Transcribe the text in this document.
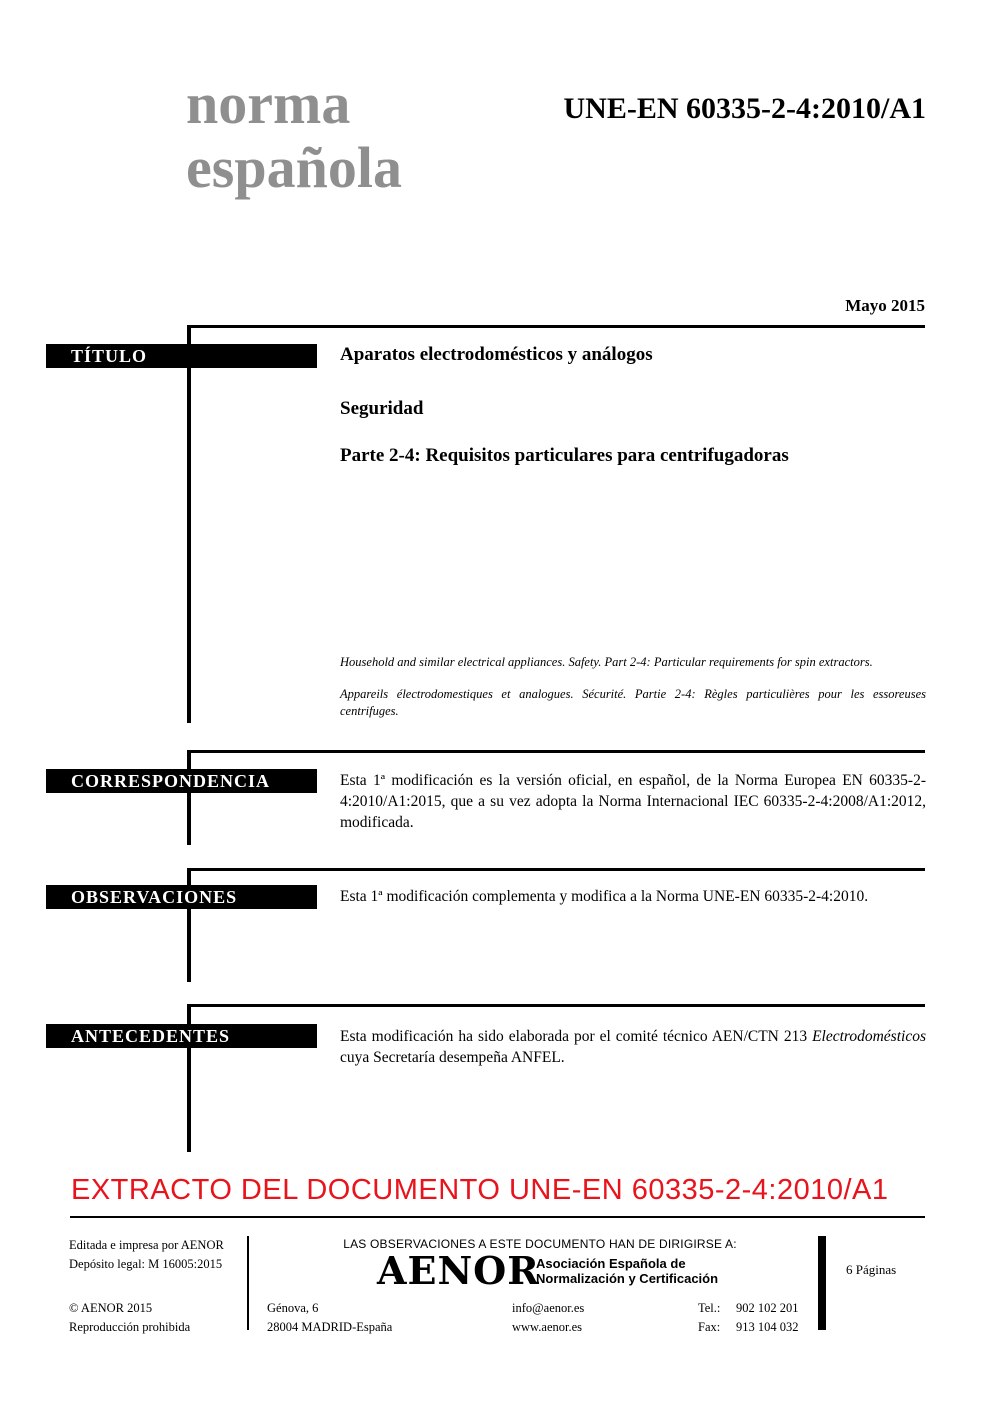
norma
española
UNE-EN 60335-2-4:2010/A1
Mayo 2015
TÍTULO
CORRESPONDENCIA
OBSERVACIONES
ANTECEDENTES
Aparatos electrodomésticos y análogos
Seguridad
Parte 2-4: Requisitos particulares para centrifugadoras
Household and similar electrical appliances. Safety. Part 2-4: Particular requirements for spin extractors.
Appareils électrodomestiques et analogues. Sécurité. Partie 2-4: Règles particulières pour les essoreuses centrifuges.
Esta 1ª modificación es la versión oficial, en español, de la Norma Europea EN 60335-2-4:2010/A1:2015, que a su vez adopta la Norma Internacional IEC 60335-2-4:2008/A1:2012, modificada.
Esta 1ª modificación complementa y modifica a la Norma UNE-EN 60335-2-4:2010.
Esta modificación ha sido elaborada por el comité técnico AEN/CTN 213 Electrodomésticos cuya Secretaría desempeña ANFEL.
EXTRACTO DEL DOCUMENTO UNE-EN 60335-2-4:2010/A1
Editada e impresa por AENOR
Depósito legal: M 16005:2015
© AENOR 2015
Reproducción prohibida
LAS OBSERVACIONES A ESTE DOCUMENTO HAN DE DIRIGIRSE A:
AENOR
Asociación Española de
Normalización y Certificación
Génova, 6
28004 MADRID-España
info@aenor.es
www.aenor.es
Tel.: 902 102 201
Fax: 913 104 032
6 Páginas
